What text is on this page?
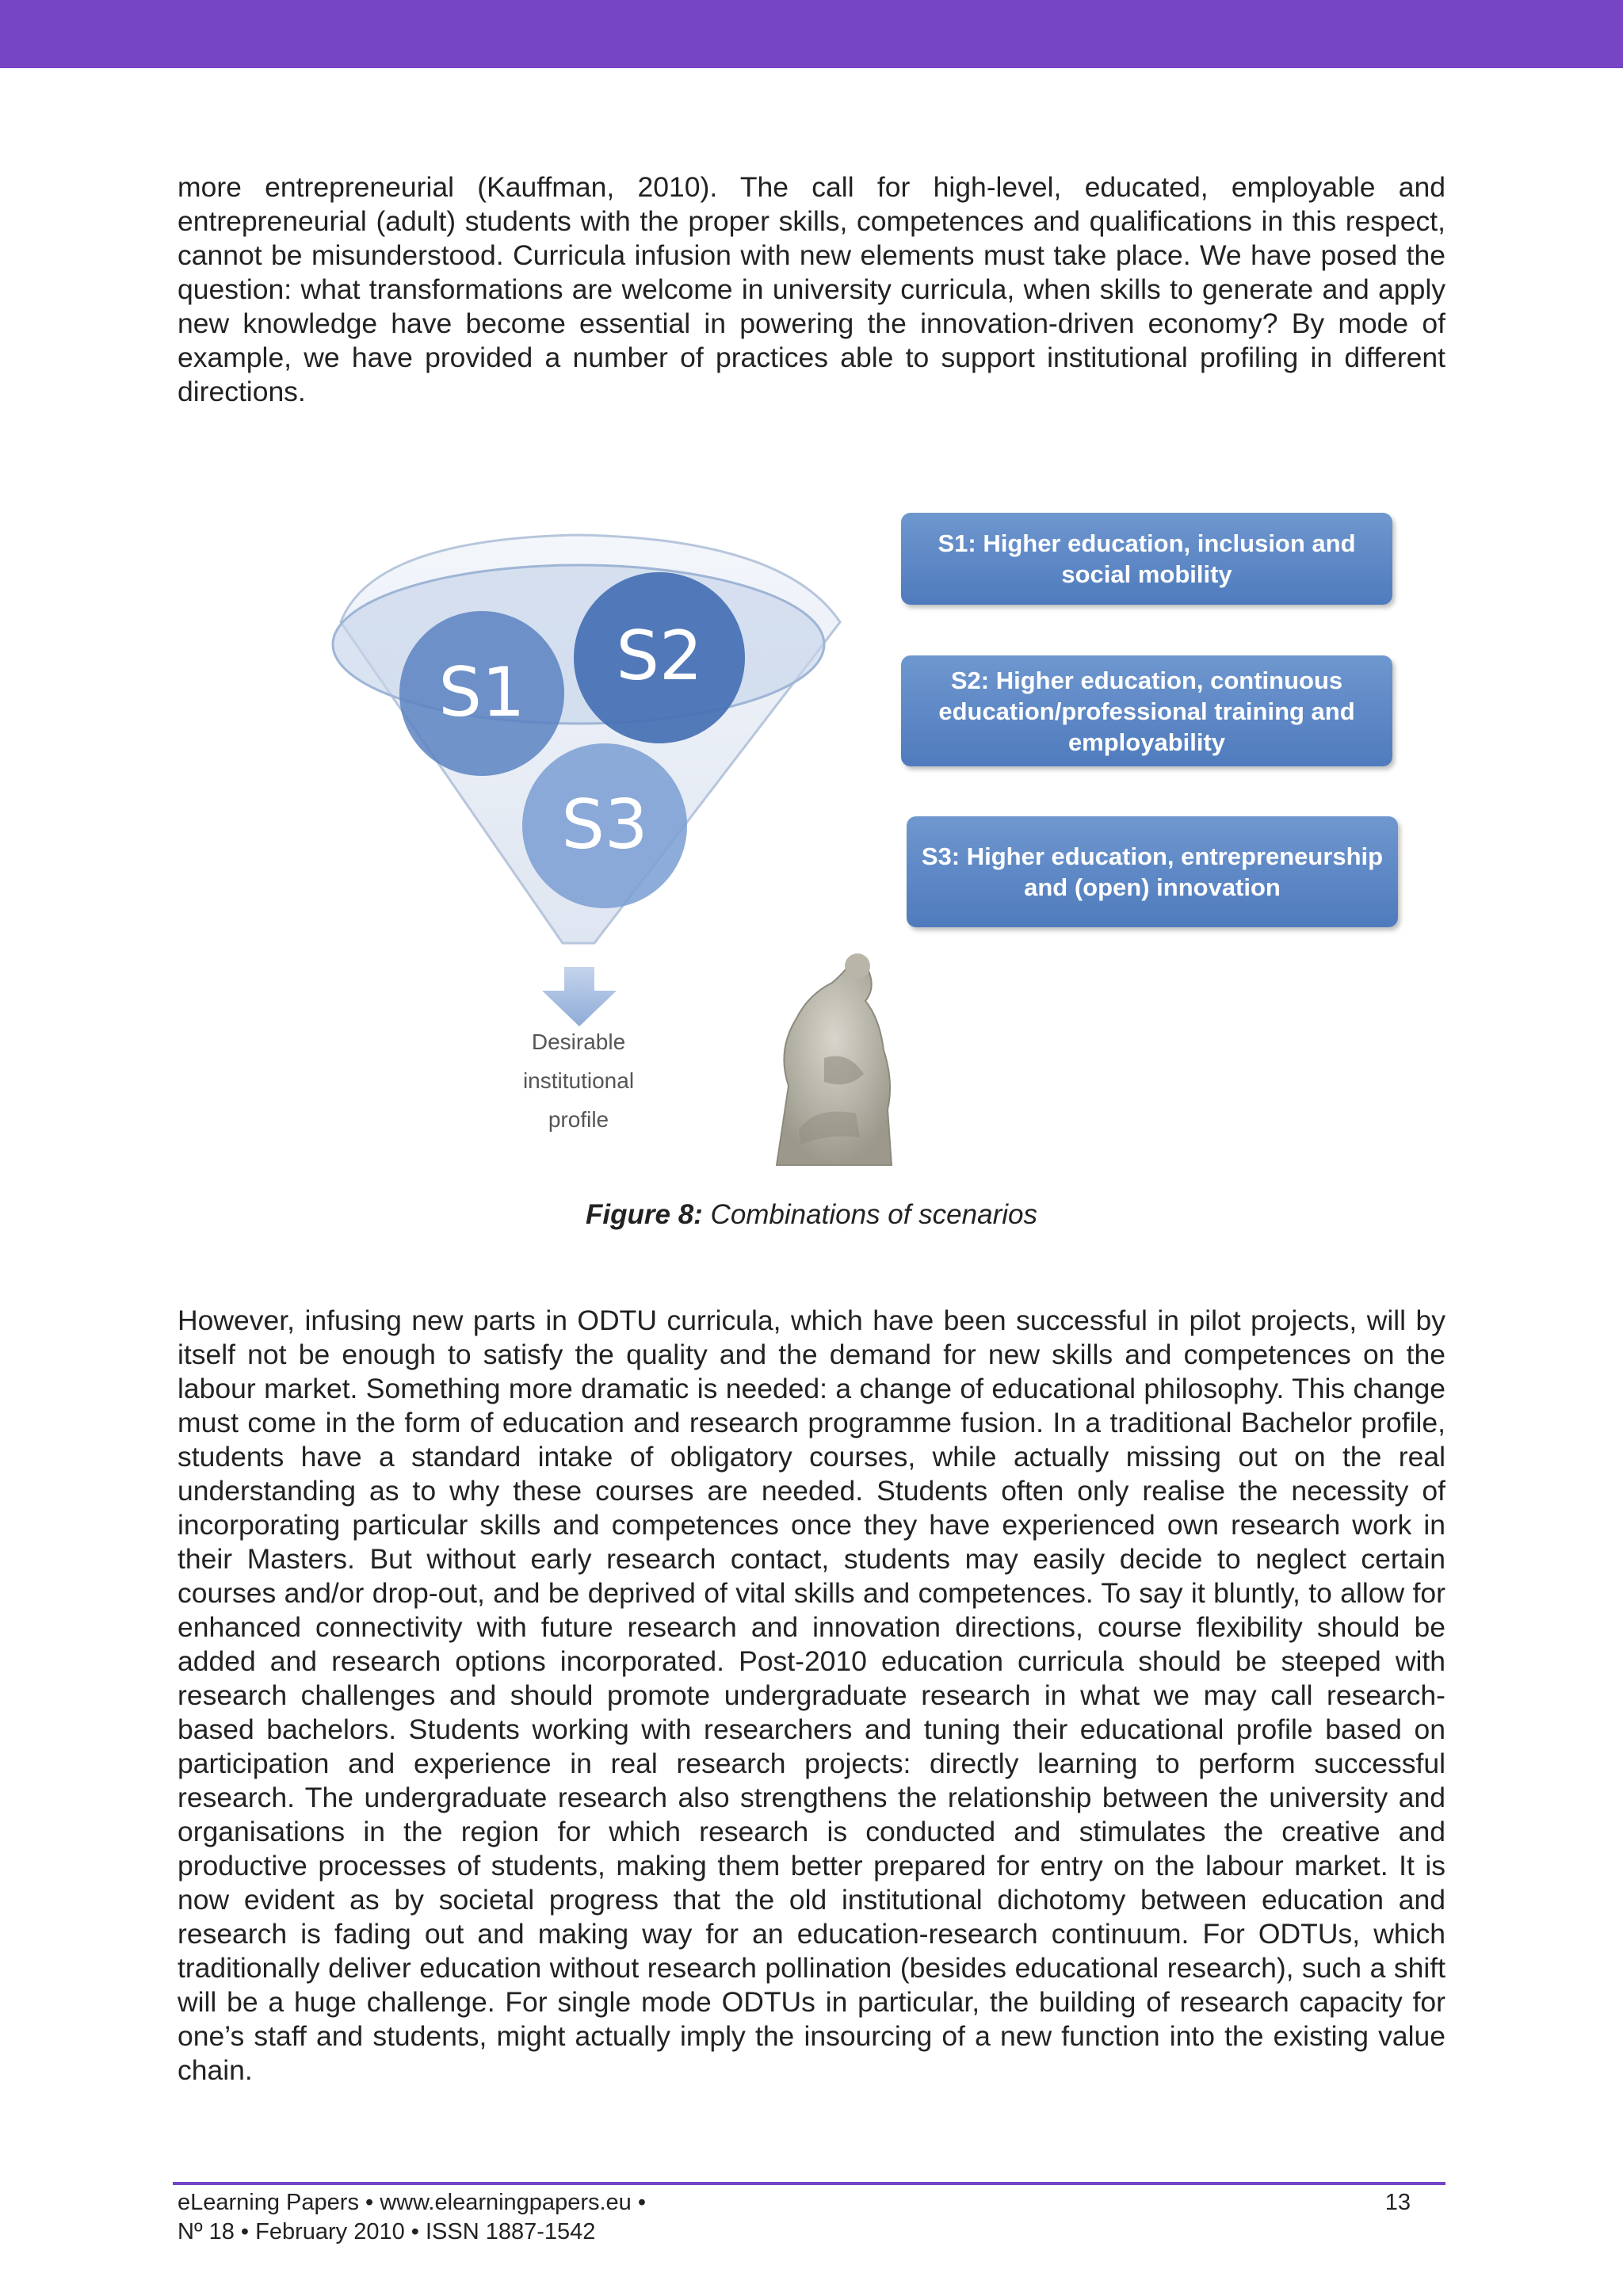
more entrepreneurial (Kauffman, 2010). The call for high-level, educated, employable and entrepreneurial (adult) students with the proper skills, competences and qualifications in this respect, cannot be misunderstood. Curricula infusion with new elements must take place. We have posed the question: what transformations are welcome in university curricula, when skills to generate and apply new knowledge have become essential in powering the innovation-driven economy? By mode of example, we have provided a number of practices able to support institutional profiling in different directions.

S1 S2
S3
S1: Higher education, inclusion and social mobility
S2: Higher education, continuous education/professional training and employability
S3: Higher education, entrepreneurship and (open) innovation
Desirable institutional profile
Figure 8: Combinations of scenarios

However, infusing new parts in ODTU curricula, which have been successful in pilot projects, will by itself not be enough to satisfy the quality and the demand for new skills and competences on the labour market. Something more dramatic is needed: a change of educational philosophy. This change must come in the form of education and research programme fusion. In a traditional Bachelor profile, students have a standard intake of obligatory courses, while actually missing out on the real understanding as to why these courses are needed. Students often only realise the necessity of incorporating particular skills and competences once they have experienced own research work in their Masters. But without early research contact, students may easily decide to neglect certain courses and/or drop-out, and be deprived of vital skills and competences. To say it bluntly, to allow for enhanced connectivity with future research and innovation directions, course flexibility should be added and research options incorporated. Post-2010 education curricula should be steeped with research challenges and should promote undergraduate research in what we may call research-based bachelors. Students working with researchers and tuning their educational profile based on participation and experience in real research projects: directly learning to perform successful research. The undergraduate research also strengthens the relationship between the university and organisations in the region for which research is conducted and stimulates the creative and productive processes of students, making them better prepared for entry on the labour market. It is now evident as by societal progress that the old institutional dichotomy between education and research is fading out and making way for an education-research continuum. For ODTUs, which traditionally deliver education without research pollination (besides educational research), such a shift will be a huge challenge. For single mode ODTUs in particular, the building of research capacity for one’s staff and students, might actually imply the insourcing of a new function into the existing value chain.

eLearning Papers • www.elearningpapers.eu •
Nº 18 • February 2010 • ISSN 1887-1542
13
